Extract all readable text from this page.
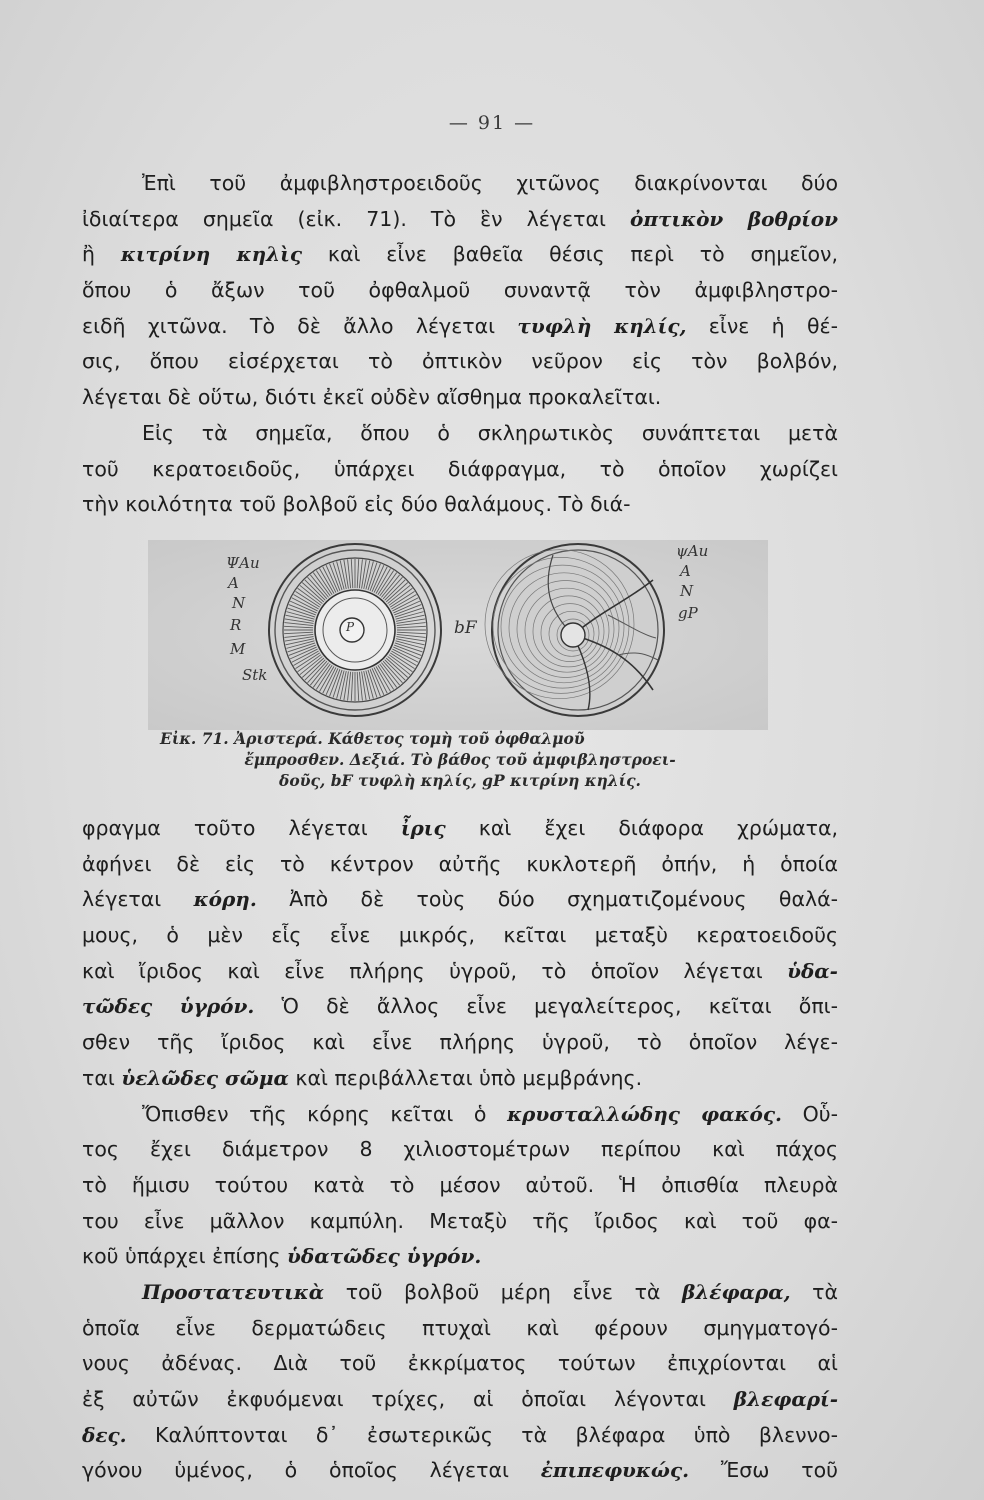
— 91 —
Ἐπὶ τοῦ ἀμφιβληστροειδοῦς χιτῶνος διακρίνονται δύο
ἰδιαίτερα σημεῖα (εἰκ. 71). Τὸ ἓν λέγεται ὀπτικὸν βοθρίον
ἢ κιτρίνη κηλὶς καὶ εἶνε βαθεῖα θέσις περὶ τὸ σημεῖον,
ὅπου ὁ ἄξων τοῦ ὀφθαλμοῦ συναντᾷ τὸν ἀμφιβληστρο-
ειδῆ χιτῶνα. Τὸ δὲ ἄλλο λέγεται τυφλὴ κηλίς, εἶνε ἡ θέ-
σις, ὅπου εἰσέρχεται τὸ ὀπτικὸν νεῦρον εἰς τὸν βολβόν,
λέγεται δὲ οὕτω, διότι ἐκεῖ οὐδὲν αἴσθημα προκαλεῖται.
Εἰς τὰ σημεῖα, ὅπου ὁ σκληρωτικὸς συνάπτεται μετὰ
τοῦ κερατοειδοῦς, ὑπάρχει διάφραγμα, τὸ ὁποῖον χωρίζει
τὴν κοιλότητα τοῦ βολβοῦ εἰς δύο θαλάμους. Τὸ διά-
ΨAu
A
N
R
M
Stk
P	bF
ψAu
A
N
gP
Εἰκ. 71. Ἀριστερά. Κάθετος τομὴ τοῦ ὀφθαλμοῦ
ἔμπροσθεν. Δεξιά. Τὸ βάθος τοῦ ἀμφιβληστροει-
δοῦς, bF τυφλὴ κηλίς, gP κιτρίνη κηλίς.
φραγμα τοῦτο λέγεται ἶρις καὶ ἔχει διάφορα χρώματα,
ἀφήνει δὲ εἰς τὸ κέντρον αὐτῆς κυκλοτερῆ ὀπήν, ἡ ὁποία
λέγεται κόρη. Ἀπὸ δὲ τοὺς δύο σχηματιζομένους θαλά-
μους, ὁ μὲν εἷς εἶνε μικρός, κεῖται μεταξὺ κερατοειδοῦς
καὶ ἴριδος καὶ εἶνε πλήρης ὑγροῦ, τὸ ὁποῖον λέγεται ὑδα-
τῶδες ὑγρόν. Ὁ δὲ ἄλλος εἶνε μεγαλείτερος, κεῖται ὄπι-
σθεν τῆς ἴριδος καὶ εἶνε πλήρης ὑγροῦ, τὸ ὁποῖον λέγε-
ται ὑελῶδες σῶμα καὶ περιβάλλεται ὑπὸ μεμβράνης.
Ὄπισθεν τῆς κόρης κεῖται ὁ κρυσταλλώδης φακός. Οὗ-
τος ἔχει διάμετρον 8 χιλιοστομέτρων περίπου καὶ πάχος
τὸ ἥμισυ τούτου κατὰ τὸ μέσον αὐτοῦ. Ἡ ὀπισθία πλευρὰ
του εἶνε μᾶλλον καμπύλη. Μεταξὺ τῆς ἴριδος καὶ τοῦ φα-
κοῦ ὑπάρχει ἐπίσης ὑδατῶδες ὑγρόν.
Προστατευτικὰ τοῦ βολβοῦ μέρη εἶνε τὰ βλέφαρα, τὰ
ὁποῖα εἶνε δερματώδεις πτυχαὶ καὶ φέρουν σμηγματογό-
νους ἀδένας. Διὰ τοῦ ἐκκρίματος τούτων ἐπιχρίονται αἱ
ἐξ αὐτῶν ἐκφυόμεναι τρίχες, αἱ ὁποῖαι λέγονται βλεφαρί-
δες. Καλύπτονται δ᾽ ἐσωτερικῶς τὰ βλέφαρα ὑπὸ βλεννο-
γόνου ὑμένος, ὁ ὁποῖος λέγεται ἐπιπεφυκώς. Ἔσω τοῦ
